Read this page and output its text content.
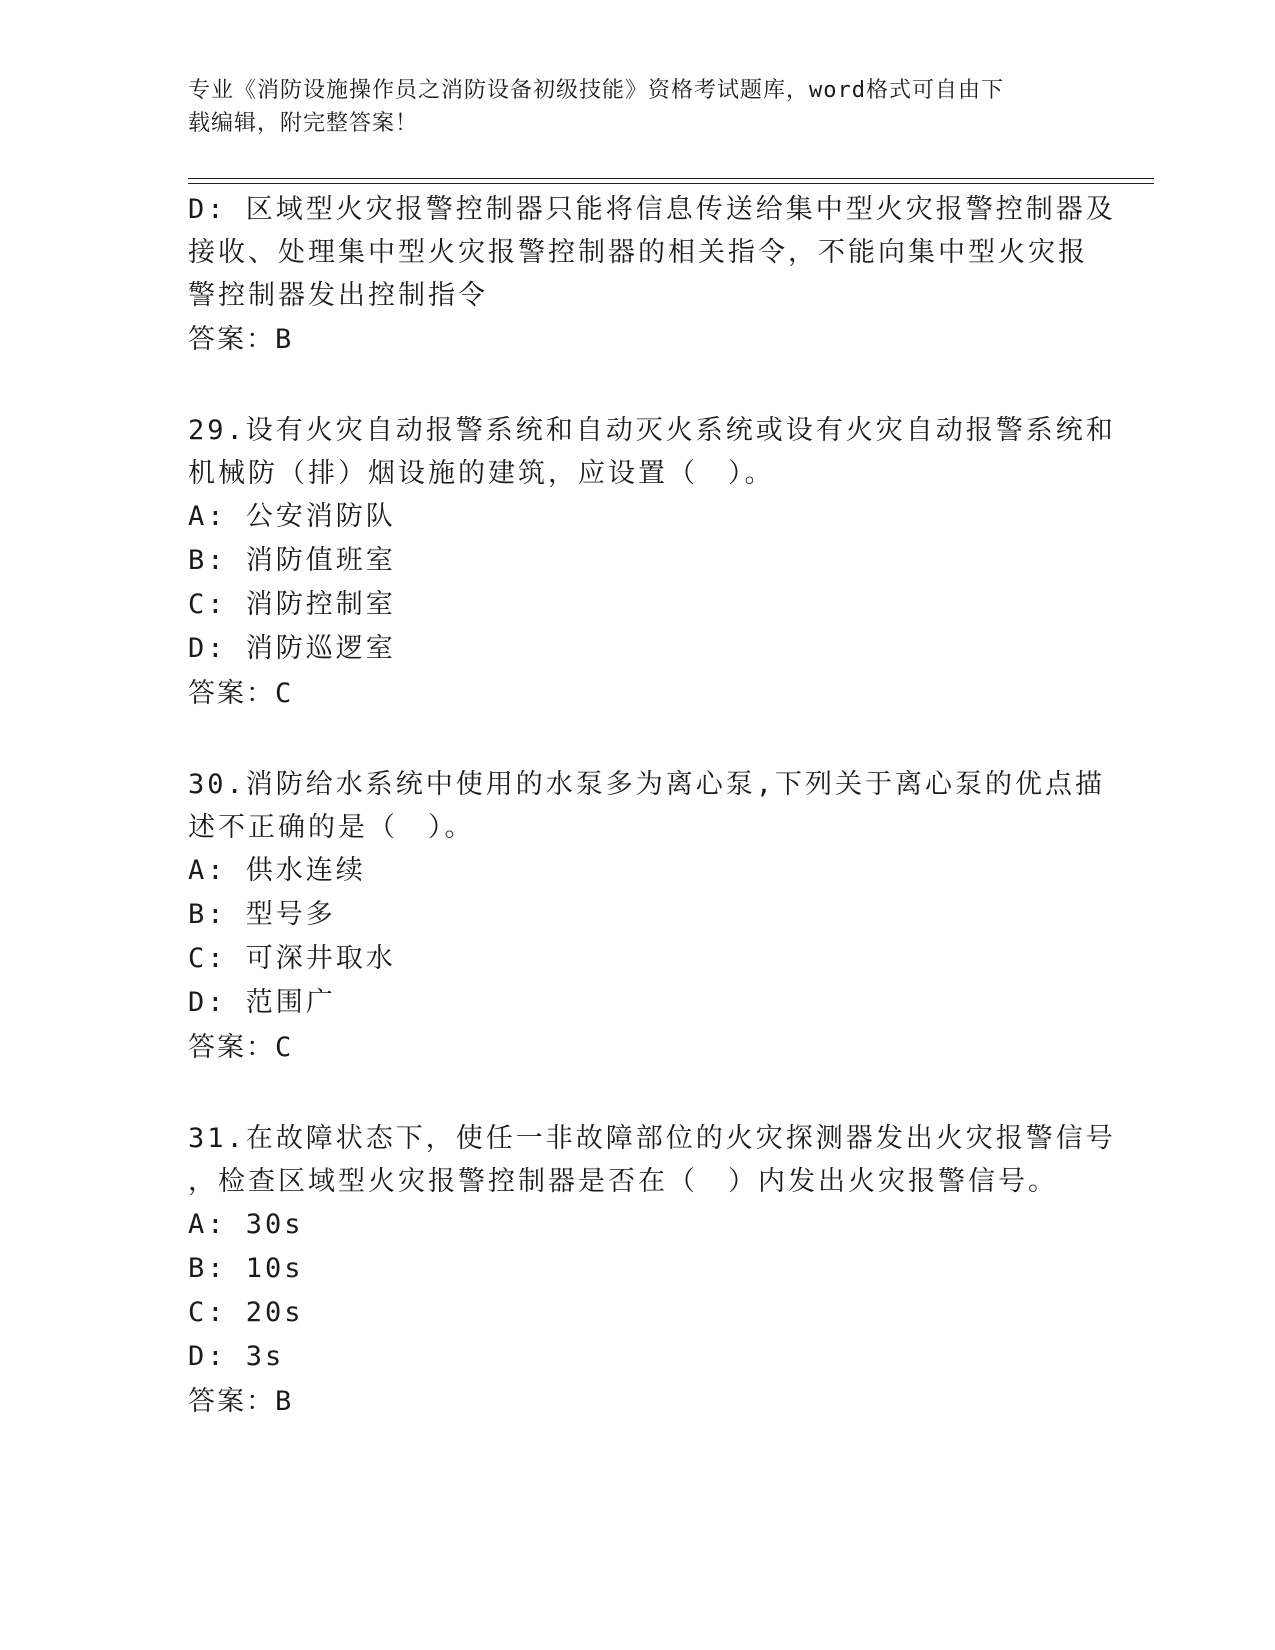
专业《消防设施操作员之消防设备初级技能》资格考试题库，word格式可自由下
载编辑，附完整答案！
D: 区域型火灾报警控制器只能将信息传送给集中型火灾报警控制器及
接收、处理集中型火灾报警控制器的相关指令，不能向集中型火灾报
警控制器发出控制指令
答案：B
29.设有火灾自动报警系统和自动灭火系统或设有火灾自动报警系统和
机械防（排）烟设施的建筑，应设置（　）。
A: 公安消防队
B: 消防值班室
C: 消防控制室
D: 消防巡逻室
答案：C
30.消防给水系统中使用的水泵多为离心泵,下列关于离心泵的优点描
述不正确的是（　）。
A: 供水连续
B: 型号多
C: 可深井取水
D: 范围广
答案：C
31.在故障状态下，使任一非故障部位的火灾探测器发出火灾报警信号
，检查区域型火灾报警控制器是否在（　）内发出火灾报警信号。
A: 30s
B: 10s
C: 20s
D: 3s
答案：B
